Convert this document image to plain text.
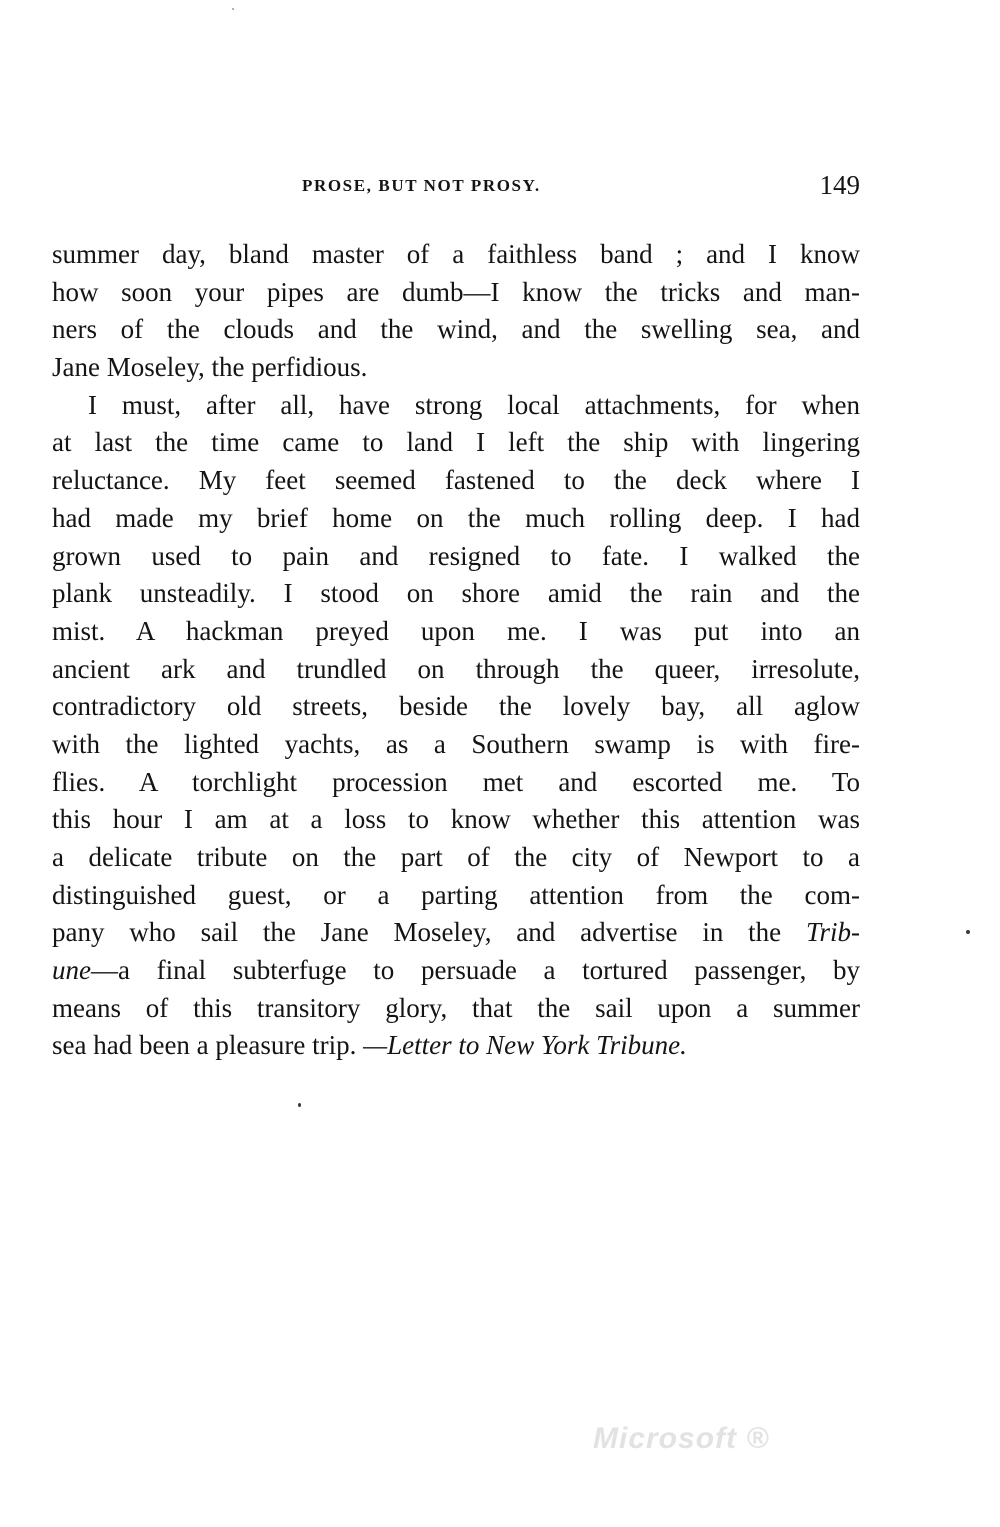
PROSE, BUT NOT PROSY.	149
summer day, bland master of a faithless band ; and I know
how soon your pipes are dumb—I know the tricks and man-
ners of the clouds and the wind, and the swelling sea, and
Jane Moseley, the perfidious.
I must, after all, have strong local attachments, for when
at last the time came to land I left the ship with lingering
reluctance. My feet seemed fastened to the deck where I
had made my brief home on the much rolling deep. I had
grown used to pain and resigned to fate. I walked the
plank unsteadily. I stood on shore amid the rain and the
mist. A hackman preyed upon me. I was put into an
ancient ark and trundled on through the queer, irresolute,
contradictory old streets, beside the lovely bay, all aglow
with the lighted yachts, as a Southern swamp is with fire-
flies. A torchlight procession met and escorted me. To
this hour I am at a loss to know whether this attention was
a delicate tribute on the part of the city of Newport to a
distinguished guest, or a parting attention from the com-
pany who sail the Jane Moseley, and advertise in the Trib-
une—a final subterfuge to persuade a tortured passenger, by
means of this transitory glory, that the sail upon a summer
sea had been a pleasure trip. —Letter to New York Tribune.
Microsoft ®
